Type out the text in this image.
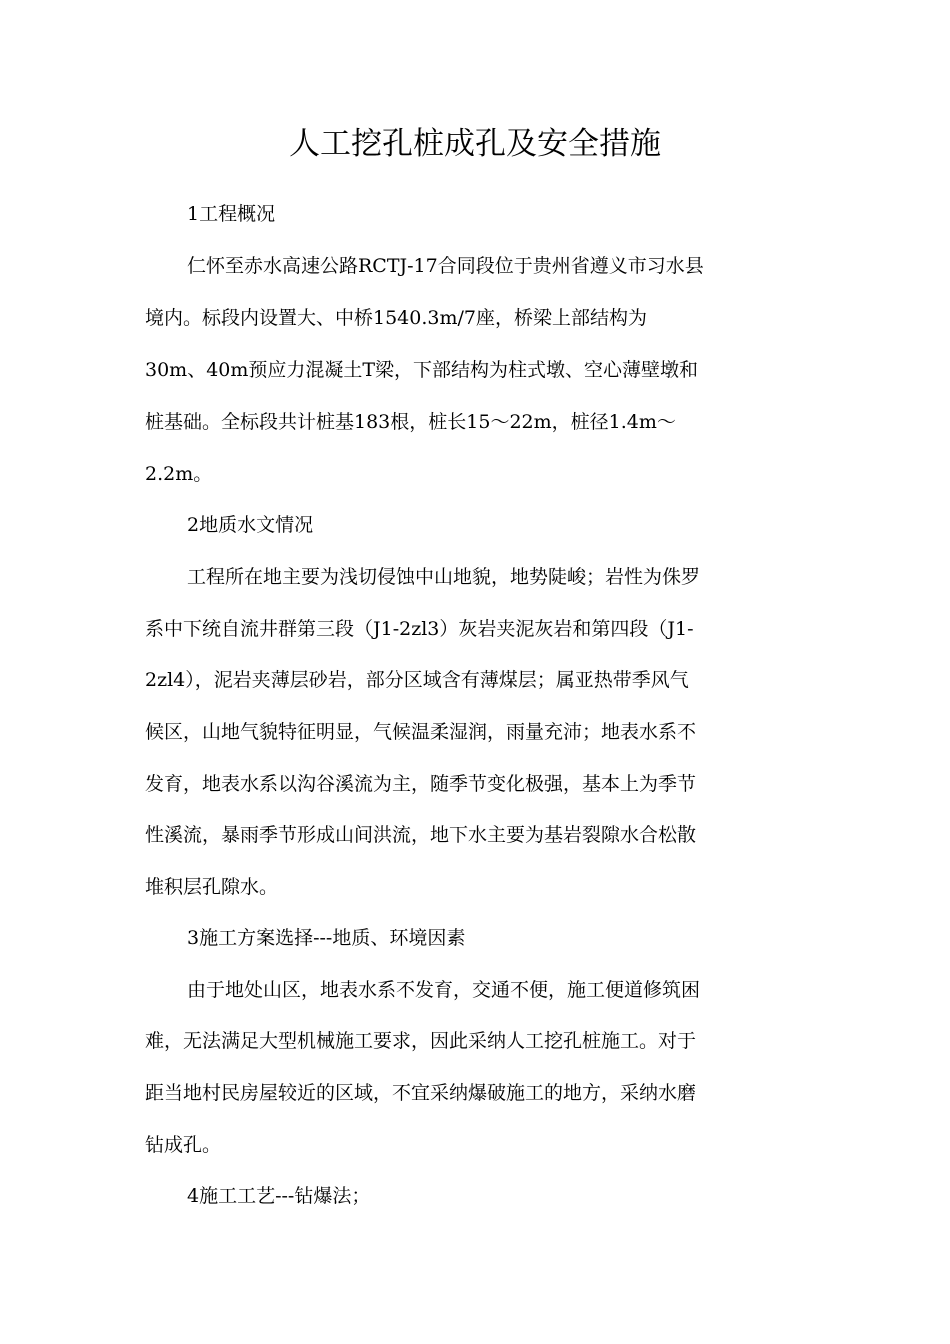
人工挖孔桩成孔及安全措施

1工程概况

仁怀至赤水高速公路RCTJ-17合同段位于贵州省遵义市习水县

境内。标段内设置大、中桥1540.3m/7座，桥梁上部结构为

30m、40m预应力混凝土T梁，下部结构为柱式墩、空心薄壁墩和

桩基础。全标段共计桩基183根，桩长15～22m，桩径1.4m～

2.2m。

2地质水文情况

工程所在地主要为浅切侵蚀中山地貌，地势陡峻；岩性为侏罗

系中下统自流井群第三段（J1-2zl3）灰岩夹泥灰岩和第四段（J1-

2zl4），泥岩夹薄层砂岩，部分区域含有薄煤层；属亚热带季风气

候区，山地气貌特征明显，气候温柔湿润，雨量充沛；地表水系不

发育，地表水系以沟谷溪流为主，随季节变化极强，基本上为季节

性溪流，暴雨季节形成山间洪流，地下水主要为基岩裂隙水合松散

堆积层孔隙水。

3施工方案选择---地质、环境因素

由于地处山区，地表水系不发育，交通不便，施工便道修筑困

难，无法满足大型机械施工要求，因此采纳人工挖孔桩施工。对于

距当地村民房屋较近的区域，不宜采纳爆破施工的地方，采纳水磨

钻成孔。

4施工工艺---钻爆法；
